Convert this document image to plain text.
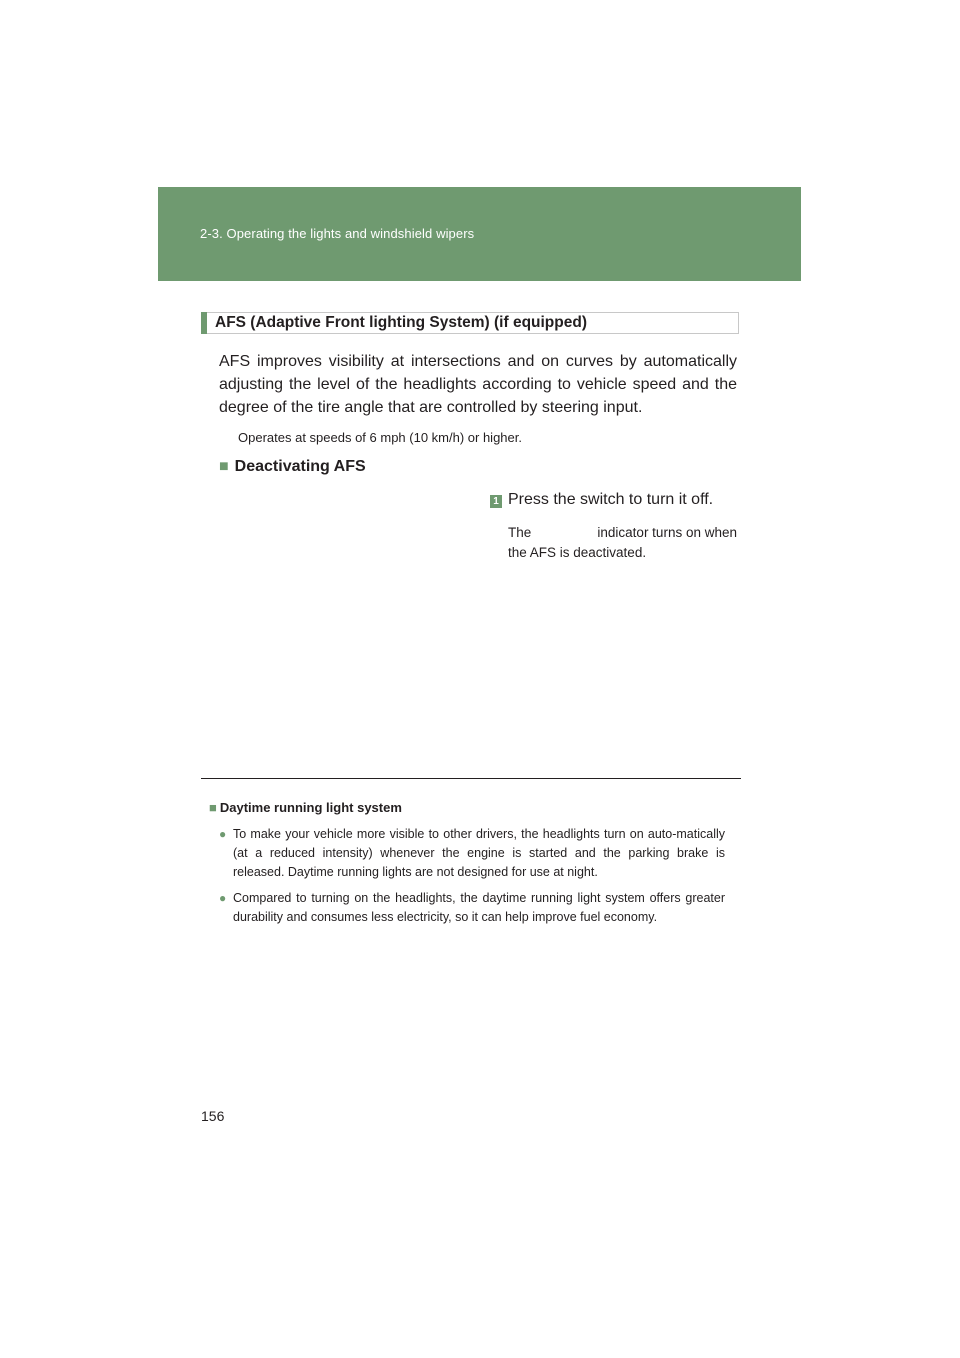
2-3. Operating the lights and windshield wipers
AFS (Adaptive Front lighting System) (if equipped)
AFS improves visibility at intersections and on curves by automatically adjusting the level of the headlights according to vehicle speed and the degree of the tire angle that are controlled by steering input.
Operates at speeds of 6 mph (10 km/h) or higher.
■ Deactivating AFS
1 Press the switch to turn it off.
The	indicator turns on when
the AFS is deactivated.
■ Daytime running light system
● To make your vehicle more visible to other drivers, the headlights turn on auto-matically (at a reduced intensity) whenever the engine is started and the parking brake is released. Daytime running lights are not designed for use at night.
● Compared to turning on the headlights, the daytime running light system offers greater durability and consumes less electricity, so it can help improve fuel economy.
156
